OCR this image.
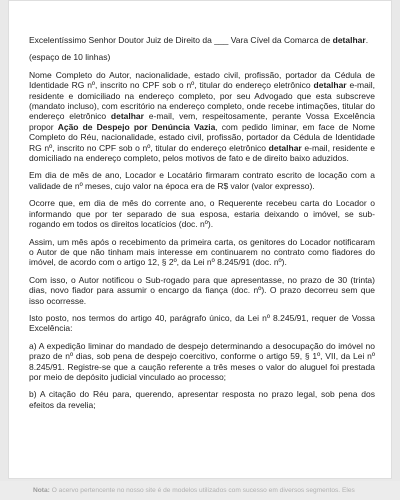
Excelentíssimo Senhor Doutor Juiz de Direito da ___ Vara Cível da Comarca de detalhar.

(espaço de 10 linhas)

Nome Completo do Autor, nacionalidade, estado civil, profissão, portador da Cédula de Identidade RG nº, inscrito no CPF sob o nº, titular do endereço eletrônico detalhar e-mail, residente e domiciliado na endereço completo, por seu Advogado que esta subscreve (mandato incluso), com escritório na endereço completo, onde recebe intimações, titular do endereço eletrônico detalhar e-mail, vem, respeitosamente, perante Vossa Excelência propor Ação de Despejo por Denúncia Vazia, com pedido liminar, em face de Nome Completo do Réu, nacionalidade, estado civil, profissão, portador da Cédula de Identidade RG nº, inscrito no CPF sob o nº, titular do endereço eletrônico detalhar e-mail, residente e domiciliado na endereço completo, pelos motivos de fato e de direito baixo aduzidos.

Em dia de mês de ano, Locador e Locatário firmaram contrato escrito de locação com a validade de nº meses, cujo valor na época era de R$ valor (valor expresso).

Ocorre que, em dia de mês do corrente ano, o Requerente recebeu carta do Locador o informando que por ter separado de sua esposa, estaria deixando o imóvel, se sub-rogando em todos os direitos locatícios (doc. nº).

Assim, um mês após o recebimento da primeira carta, os genitores do Locador notificaram o Autor de que não tinham mais interesse em continuarem no contrato como fiadores do imóvel, de acordo com o artigo 12, § 2º, da Lei nº 8.245/91 (doc. nº).

Com isso, o Autor notificou o Sub-rogado para que apresentasse, no prazo de 30 (trinta) dias, novo fiador para assumir o encargo da fiança (doc. nº). O prazo decorreu sem que isso ocorresse.

Isto posto, nos termos do artigo 40, parágrafo único, da Lei nº 8.245/91, requer de Vossa Excelência:

a) A expedição liminar do mandado de despejo determinando a desocupação do imóvel no prazo de nº dias, sob pena de despejo coercitivo, conforme o artigo 59, § 1º, VII, da Lei nº 8.245/91. Registre-se que a caução referente a três meses o valor do aluguel foi prestada por meio de depósito judicial vinculado ao processo;

b) A citação do Réu para, querendo, apresentar resposta no prazo legal, sob pena dos efeitos da revelia;

Nota: O acervo pertencente no nosso site é de modelos utilizados com sucesso em diversos segmentos. Eles
